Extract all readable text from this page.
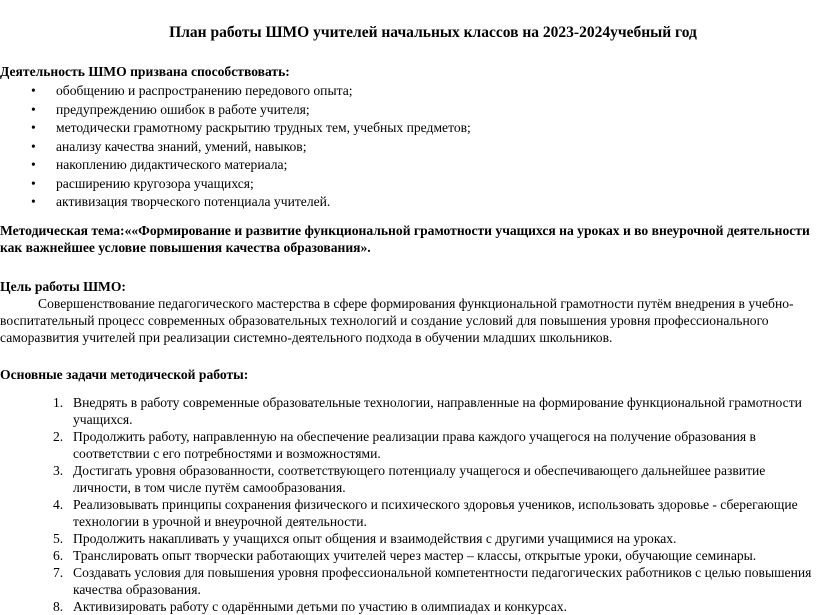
План работы ШМО учителей начальных классов на 2023-2024учебный год
Деятельность ШМО призвана способствовать:
• обобщению и распространению передового опыта;
• предупреждению ошибок в работе учителя;
• методически грамотному раскрытию трудных тем, учебных предметов;
• анализу качества знаний, умений, навыков;
• накоплению дидактического материала;
• расширению кругозора учащихся;
• активизация творческого потенциала учителей.
Методическая тема:««Формирование и развитие функциональной грамотности учащихся на уроках и во внеурочной деятельности как важнейшее условие повышения качества образования».
Цель работы ШМО:
Совершенствование педагогического мастерства в сфере формирования функциональной грамотности путём внедрения в учебно-воспитательный процесс современных образовательных технологий и создание условий для повышения уровня профессионального саморазвития учителей при реализации системно-деятельного подхода в обучении младших школьников.
Основные задачи методической работы:
1. Внедрять в работу современные образовательные технологии, направленные на формирование функциональной грамотности учащихся.
2. Продолжить работу, направленную на обеспечение реализации права каждого учащегося на получение образования в соответствии с его потребностями и возможностями.
3. Достигать уровня образованности, соответствующего потенциалу учащегося и обеспечивающего дальнейшее развитие личности, в том числе путём самообразования.
4. Реализовывать принципы сохранения физического и психического здоровья учеников, использовать здоровье - сберегающие технологии в урочной и внеурочной деятельности.
5. Продолжить накапливать у учащихся опыт общения и взаимодействия с другими учащимися на уроках.
6. Транслировать опыт творчески работающих учителей через мастер – классы, открытые уроки, обучающие семинары.
7. Создавать условия для повышения уровня профессиональной компетентности педагогических работников с целью повышения качества образования.
8. Активизировать работу с одарёнными детьми по участию в олимпиадах и конкурсах.
